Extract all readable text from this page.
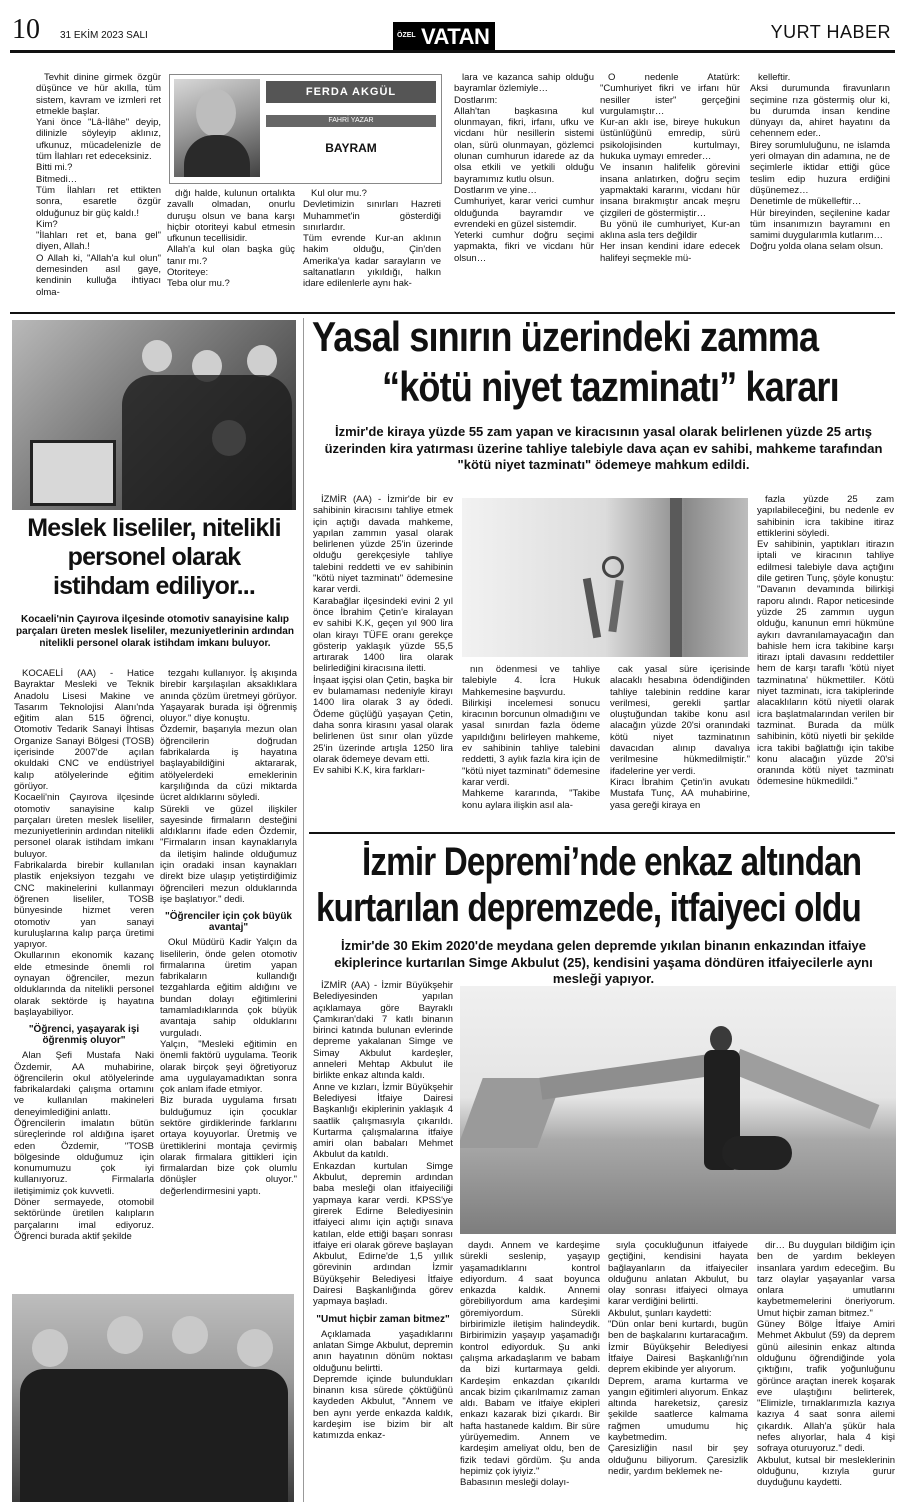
10 31 EKİM 2023 SALI	ÖZEL VATAN	YURT HABER

Tevhit dinine girmek özgür düşünce ve hür akılla, tüm sistem, kavram ve izmleri ret etmekle başlar.
Yani önce "Lâ-İlâhe" deyip, dilinizle söyleyip aklınız, ufkunuz, mücadelenizle de tüm İlahları ret edeceksiniz.
Bitti mi.?
Bitmedi…
Tüm İlahları ret ettikten sonra, esaretle özgür olduğunuz bir güç kaldı.!
Kim?
"İlahları ret et, bana gel" diyen, Allah.!
O Allah ki, "Allah'a kul olun" demesinden asıl gaye, kendinin kulluğa ihtiyacı olma-

FERDA AKGÜL
FAHRİ YAZAR
BAYRAM

dığı halde, kulunun ortalıkta zavallı olmadan, onurlu duruşu olsun ve bana karşı hiçbir otoriteyi kabul etmesin ufkunun tecellisidir.
Allah'a kul olan başka güç tanır mı.?
Otoriteye:
Teba olur mu.?

Kul olur mu.?
Devletimizin sınırları Hazreti Muhammet'in gösterdiği sınırlardır.
Tüm evrende Kur-an aklının hakim olduğu, Çin'den Amerika'ya kadar sarayların ve saltanatların yıkıldığı, halkın idare edilenlerle aynı hak-

lara ve kazanca sahip olduğu bayramlar özlemiyle…
Dostlarım:
Allah'tan başkasına kul olunmayan, fikri, irfanı, ufku ve vicdanı hür nesillerin sistemi olan, sürü olunmayan, gözlemci olunan cumhurun idarede az da olsa etkili ve yetkili olduğu bayramımız kutlu olsun.
Dostlarım ve yine…
Cumhuriyet, karar verici cumhur olduğunda bayramdır ve evrendeki en güzel sistemdir.
Yeterki cumhur doğru seçimi yapmakta, fikri ve vicdanı hür olsun…

O nedenle Atatürk: "Cumhuriyet fikri ve irfanı hür nesiller ister" gerçeğini vurgulamıştır…
Kur-an aklı ise, bireye hukukun üstünlüğünü emredip, sürü psikolojisinden kurtulmayı, hukuka uymayı emreder…
Ve insanın halifelik görevini insana anlatırken, doğru seçim yapmaktaki kararını, vicdanı hür insana bırakmıştır ancak meşru çizgileri de göstermiştir…
Bu yönü ile cumhuriyet, Kur-an aklına asla ters değildir
Her insan kendini idare edecek halifeyi seçmekle mü-

kelleftir.
Aksi durumunda firavunların seçimine rıza göstermiş olur ki, bu durumda insan kendine dünyayı da, ahiret hayatını da cehennem eder..
Birey sorumluluğunu, ne islamda yeri olmayan din adamına, ne de seçimlerle iktidar ettiği güce teslim edip huzura erdiğini düşünemez…
Denetimle de mükelleftir…
Hür bireyinden, seçilenine kadar tüm insanımızın bayramını en samimi duygularımla kutlarım…
Doğru yolda olana selam olsun.

Meslek liseliler, nitelikli personel olarak istihdam ediliyor...
Kocaeli'nin Çayırova ilçesinde otomotiv sanayisine kalıp parçaları üreten meslek liseliler, mezuniyetlerinin ardından nitelikli personel olarak istihdam imkanı buluyor.

KOCAELİ (AA) - Hatice Bayraktar Mesleki ve Teknik Anadolu Lisesi Makine ve Tasarım Teknolojisi Alanı'nda eğitim alan 515 öğrenci, Otomotiv Tedarik Sanayi İhtisas Organize Sanayi Bölgesi (TOSB) içerisinde 2007'de açılan okuldaki CNC ve endüstriyel kalıp atölyelerinde eğitim görüyor.
Kocaeli'nin Çayırova ilçesinde otomotiv sanayisine kalıp parçaları üreten meslek liseliler, mezuniyetlerinin ardından nitelikli personel olarak istihdam imkanı buluyor.
Fabrikalarda birebir kullanılan plastik enjeksiyon tezgahı ve CNC makinelerini kullanmayı öğrenen liseliler, TOSB bünyesinde hizmet veren otomotiv yan sanayi kuruluşlarına kalıp parça üretimi yapıyor.
Okullarının ekonomik kazanç elde etmesinde önemli rol oynayan öğrenciler, mezun olduklarında da nitelikli personel olarak sektörde iş hayatına başlayabiliyor.

"Öğrenci, yaşayarak işi öğrenmiş oluyor"

Alan Şefi Mustafa Naki Özdemir, AA muhabirine, öğrencilerin okul atölyelerinde fabrikalardaki çalışma ortamını ve kullanılan makineleri deneyimlediğini anlattı.
Öğrencilerin imalatın bütün süreçlerinde rol aldığına işaret eden Özdemir, "TOSB bölgesinde olduğumuz için konumumuzu çok iyi kullanıyoruz. Firmalarla iletişimimiz çok kuvvetli.
Döner sermayede, otomobil sektöründe üretilen kalıpların parçalarını imal ediyoruz. Öğrenci burada aktif şekilde

tezgahı kullanıyor. İş akışında birebir karşılaşılan aksaklıklara anında çözüm üretmeyi görüyor. Yaşayarak burada işi öğrenmiş oluyor." diye konuştu.
Özdemir, başarıyla mezun olan öğrencilerin doğrudan fabrikalarda iş hayatına başlayabildiğini aktararak, atölyelerdeki emeklerinin karşılığında da cüzi miktarda ücret aldıklarını söyledi.
Sürekli ve güzel ilişkiler sayesinde firmaların desteğini aldıklarını ifade eden Özdemir, "Firmaların insan kaynaklarıyla da iletişim halinde olduğumuz için oradaki insan kaynakları direkt bize ulaşıp yetiştirdiğimiz öğrencileri mezun olduklarında işe başlatıyor." dedi.

"Öğrenciler için çok büyük avantaj"

Okul Müdürü Kadir Yalçın da liselilerin, önde gelen otomotiv firmalarına üretim yapan fabrikaların kullandığı tezgahlarda eğitim aldığını ve bundan dolayı eğitimlerini tamamladıklarında çok büyük avantaja sahip olduklarını vurguladı.
Yalçın, "Mesleki eğitimin en önemli faktörü uygulama. Teorik olarak birçok şeyi öğretiyoruz ama uygulayamadıktan sonra çok anlam ifade etmiyor.
Biz burada uygulama fırsatı bulduğumuz için çocuklar sektöre girdiklerinde farklarını ortaya koyuyorlar. Üretmiş ve ürettiklerini montaja çevirmiş olarak firmalara gittikleri için firmalardan bize çok olumlu dönüşler oluyor." değerlendirmesini yaptı.

Yasal sınırın üzerindeki zamma
“kötü niyet tazminatı” kararı
İzmir'de kiraya yüzde 55 zam yapan ve kiracısının yasal olarak belirlenen yüzde 25 artış üzerinden kira yatırması üzerine tahliye talebiyle dava açan ev sahibi, mahkeme tarafından "kötü niyet tazminatı" ödemeye mahkum edildi.

İZMİR (AA) - İzmir'de bir ev sahibinin kiracısını tahliye etmek için açtığı davada mahkeme, yapılan zammın yasal olarak belirlenen yüzde 25'in üzerinde olduğu gerekçesiyle tahliye talebini reddetti ve ev sahibinin "kötü niyet tazminatı" ödemesine karar verdi.
Karabağlar ilçesindeki evini 2 yıl önce İbrahim Çetin'e kiralayan ev sahibi K.K, geçen yıl 900 lira olan kirayı TÜFE oranı gerekçe gösterip yaklaşık yüzde 55,5 artırarak 1400 lira olarak belirlediğini kiracısına iletti.
İnşaat işçisi olan Çetin, başka bir ev bulamaması nedeniyle kirayı 1400 lira olarak 3 ay ödedi. Ödeme güçlüğü yaşayan Çetin, daha sonra kirasını yasal olarak belirlenen üst sınır olan yüzde 25'in üzerinde artışla 1250 lira olarak ödemeye devam etti.
Ev sahibi K.K, kira farkları-

nın ödenmesi ve tahliye talebiyle 4. İcra Hukuk Mahkemesine başvurdu.
Bilirkişi incelemesi sonucu kiracının borcunun olmadığını ve yasal sınırdan fazla ödeme yapıldığını belirleyen mahkeme, ev sahibinin tahliye talebini reddetti, 3 aylık fazla kira için de "kötü niyet tazminatı" ödemesine karar verdi.
Mahkeme kararında, "Takibe konu aylara ilişkin asıl ala-

cak yasal süre içerisinde alacaklı hesabına ödendiğinden tahliye talebinin reddine karar verilmesi, gerekli şartlar oluştuğundan takibe konu asıl alacağın yüzde 20'si oranındaki kötü niyet tazminatının davacıdan alınıp davalıya verilmesine hükmedilmiştir." ifadelerine yer verdi.
Kiracı İbrahim Çetin'in avukatı Mustafa Tunç, AA muhabirine, yasa gereği kiraya en

fazla yüzde 25 zam yapılabileceğini, bu nedenle ev sahibinin icra takibine itiraz ettiklerini söyledi.
Ev sahibinin, yaptıkları itirazın iptali ve kiracının tahliye edilmesi talebiyle dava açtığını dile getiren Tunç, şöyle konuştu: "Davanın devamında bilirkişi raporu alındı. Rapor neticesinde yüzde 25 zammın uygun olduğu, kanunun emri hükmüne aykırı davranılamayacağın dan bahisle hem icra takibine karşı itirazı iptali davasını reddettiler hem de karşı taraflı 'kötü niyet tazminatına' hükmettiler. Kötü niyet tazminatı, icra takiplerinde alacaklıların kötü niyetli olarak icra başlatmalarından verilen bir tazminat. Burada da mülk sahibinin, kötü niyetli bir şekilde icra takibi bağlattığı için takibe konu alacağın yüzde 20'si oranında kötü niyet tazminatı ödemesine hükmedildi."

İzmir Depremi’nde enkaz altından
kurtarılan depremzede, itfaiyeci oldu
İzmir'de 30 Ekim 2020'de meydana gelen depremde yıkılan binanın enkazından itfaiye ekiplerince kurtarılan Simge Akbulut (25), kendisini yaşama döndüren itfaiyecilerle aynı mesleği yapıyor.

İZMİR (AA) - İzmir Büyükşehir Belediyesinden yapılan açıklamaya göre Bayraklı Çamkıran'daki 7 katlı binanın birinci katında bulunan evlerinde depreme yakalanan Simge ve Simay Akbulut kardeşler, anneleri Mehtap Akbulut ile birlikte enkaz altında kaldı.
Anne ve kızları, İzmir Büyükşehir Belediyesi İtfaiye Dairesi Başkanlığı ekiplerinin yaklaşık 4 saatlik çalışmasıyla çıkarıldı. Kurtarma çalışmalarına itfaiye amiri olan babaları Mehmet Akbulut da katıldı.
Enkazdan kurtulan Simge Akbulut, depremin ardından baba mesleği olan itfaiyeciliği yapmaya karar verdi. KPSS'ye girerek Edirne Belediyesinin itfaiyeci alımı için açtığı sınava katılan, elde ettiği başarı sonrası itfaiye eri olarak göreve başlayan Akbulut, Edirne'de 1,5 yıllık görevinin ardından İzmir Büyükşehir Belediyesi İtfaiye Dairesi Başkanlığında görev yapmaya başladı.

"Umut hiçbir zaman bitmez"

Açıklamada yaşadıklarını anlatan Simge Akbulut, depremin anın hayatının dönüm noktası olduğunu belirtti.
Depremde içinde bulundukları binanın kısa sürede çöktüğünü kaydeden Akbulut, "Annem ve ben aynı yerde enkazda kaldık, kardeşim ise bizim bir alt katımızda enkaz-

daydı. Annem ve kardeşime sürekli seslenip, yaşayıp yaşamadıklarını kontrol ediyordum. 4 saat boyunca enkazda kaldık. Annemi görebiliyordum ama kardeşimi göremiyordum. Sürekli birbirimizle iletişim halindeydik. Birbirimizin yaşayıp yaşamadığı kontrol ediyorduk. Şu anki çalışma arkadaşlarım ve babam da bizi kurtarmaya geldi. Kardeşim enkazdan çıkarıldı ancak bizim çıkarılmamız zaman aldı. Babam ve itfaiye ekipleri enkazı kazarak bizi çıkardı. Bir hafta hastanede kaldım. Bir süre yürüyemedim. Annem ve kardeşim ameliyat oldu, ben de fizik tedavi gördüm. Şu anda hepimiz çok iyiyiz."
Babasının mesleği dolayı-

sıyla çocukluğunun itfaiyede geçtiğini, kendisini hayata bağlayanların da itfaiyeciler olduğunu anlatan Akbulut, bu olay sonrası itfaiyeci olmaya karar verdiğini belirtti.
Akbulut, şunları kaydetti:
"Dün onlar beni kurtardı, bugün ben de başkalarını kurtaracağım. İzmir Büyükşehir Belediyesi İtfaiye Dairesi Başkanlığı'nın deprem ekibinde yer alıyorum.
Deprem, arama kurtarma ve yangın eğitimleri alıyorum. Enkaz altında hareketsiz, çaresiz şekilde saatlerce kalmama rağmen umudumu hiç kaybetmedim.
Çaresizliğin nasıl bir şey olduğunu biliyorum. Çaresizlik nedir, yardım beklemek ne-

dir… Bu duyguları bildiğim için ben de yardım bekleyen insanlara yardım edeceğim. Bu tarz olaylar yaşayanlar varsa onlara umutlarını kaybetmemelerini öneriyorum. Umut hiçbir zaman bitmez."
Güney Bölge İtfaiye Amiri Mehmet Akbulut (59) da deprem günü ailesinin enkaz altında olduğunu öğrendiğinde yola çıktığını, trafik yoğunluğunu görünce araçtan inerek koşarak eve ulaştığını belirterek, "Elimizle, tırnaklarımızla kazıya kazıya 4 saat sonra ailemi çıkardık. Allah'a şükür hala nefes alıyorlar, hala 4 kişi sofraya oturuyoruz." dedi.
Akbulut, kutsal bir mesleklerinin olduğunu, kızıyla gurur duyduğunu kaydetti.
